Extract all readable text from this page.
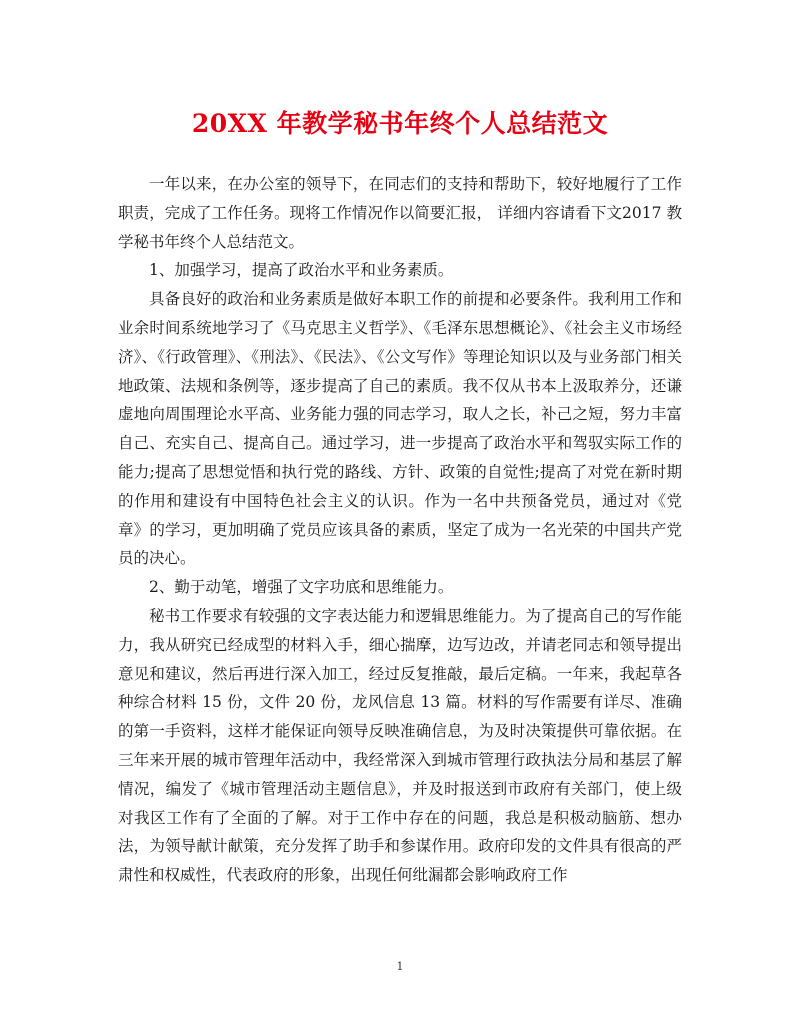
20XX 年教学秘书年终个人总结范文

一年以来，在办公室的领导下，在同志们的支持和帮助下，较好地履行了工作职责，完成了工作任务。现将工作情况作以简要汇报， 详细内容请看下文2017 教学秘书年终个人总结范文。

1、加强学习，提高了政治水平和业务素质。

具备良好的政治和业务素质是做好本职工作的前提和必要条件。我利用工作和业余时间系统地学习了《马克思主义哲学》、《毛泽东思想概论》、《社会主义市场经济》、《行政管理》、《刑法》、《民法》、《公文写作》等理论知识以及与业务部门相关地政策、法规和条例等，逐步提高了自己的素质。我不仅从书本上汲取养分，还谦虚地向周围理论水平高、业务能力强的同志学习，取人之长，补己之短，努力丰富自己、充实自己、提高自己。通过学习，进一步提高了政治水平和驾驭实际工作的能力;提高了思想觉悟和执行党的路线、方针、政策的自觉性;提高了对党在新时期的作用和建设有中国特色社会主义的认识。作为一名中共预备党员，通过对《党章》的学习，更加明确了党员应该具备的素质，坚定了成为一名光荣的中国共产党员的决心。

2、勤于动笔，增强了文字功底和思维能力。

秘书工作要求有较强的文字表达能力和逻辑思维能力。为了提高自己的写作能力，我从研究已经成型的材料入手，细心揣摩，边写边改，并请老同志和领导提出意见和建议，然后再进行深入加工，经过反复推敲，最后定稿。一年来，我起草各种综合材料 15 份，文件 20 份，龙风信息 13 篇。材料的写作需要有详尽、准确的第一手资料，这样才能保证向领导反映准确信息，为及时决策提供可靠依据。在三年来开展的城市管理年活动中，我经常深入到城市管理行政执法分局和基层了解情况，编发了《城市管理活动主题信息》，并及时报送到市政府有关部门，使上级对我区工作有了全面的了解。对于工作中存在的问题，我总是积极动脑筋、想办法，为领导献计献策，充分发挥了助手和参谋作用。政府印发的文件具有很高的严肃性和权威性，代表政府的形象，出现任何纰漏都会影响政府工作

1
